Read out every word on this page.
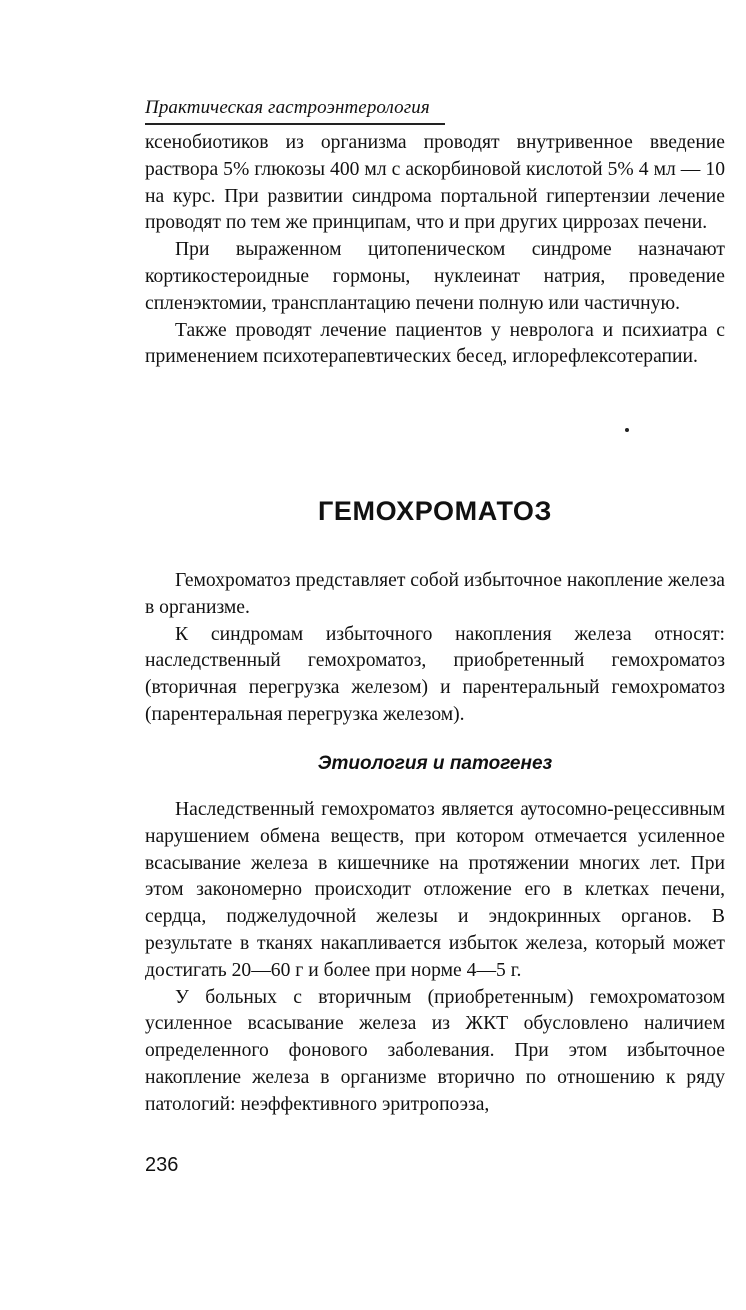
Практическая гастроэнтерология

ксенобиотиков из организма проводят внутривенное введение раствора 5% глюкозы 400 мл с аскорбиновой кислотой 5% 4 мл — 10 на курс. При развитии синдрома портальной гипертензии лечение проводят по тем же принципам, что и при других циррозах печени.

При выраженном цитопеническом синдроме назначают кортикостероидные гормоны, нуклеинат натрия, проведение спленэктомии, трансплантацию печени полную или частичную.

Также проводят лечение пациентов у невролога и психиатра с применением психотерапевтических бесед, иглорефлексотерапии.

ГЕМОХРОМАТОЗ

Гемохроматоз представляет собой избыточное накопление железа в организме.

К синдромам избыточного накопления железа относят: наследственный гемохроматоз, приобретенный гемохроматоз (вторичная перегрузка железом) и парентеральный гемохроматоз (парентеральная перегрузка железом).

Этиология и патогенез

Наследственный гемохроматоз является аутосомно-рецессивным нарушением обмена веществ, при котором отмечается усиленное всасывание железа в кишечнике на протяжении многих лет. При этом закономерно происходит отложение его в клетках печени, сердца, поджелудочной железы и эндокринных органов. В результате в тканях накапливается избыток железа, который может достигать 20—60 г и более при норме 4—5 г.

У больных с вторичным (приобретенным) гемохроматозом усиленное всасывание железа из ЖКТ обусловлено наличием определенного фонового заболевания. При этом избыточное накопление железа в организме вторично по отношению к ряду патологий: неэффективного эритропоэза,

236
